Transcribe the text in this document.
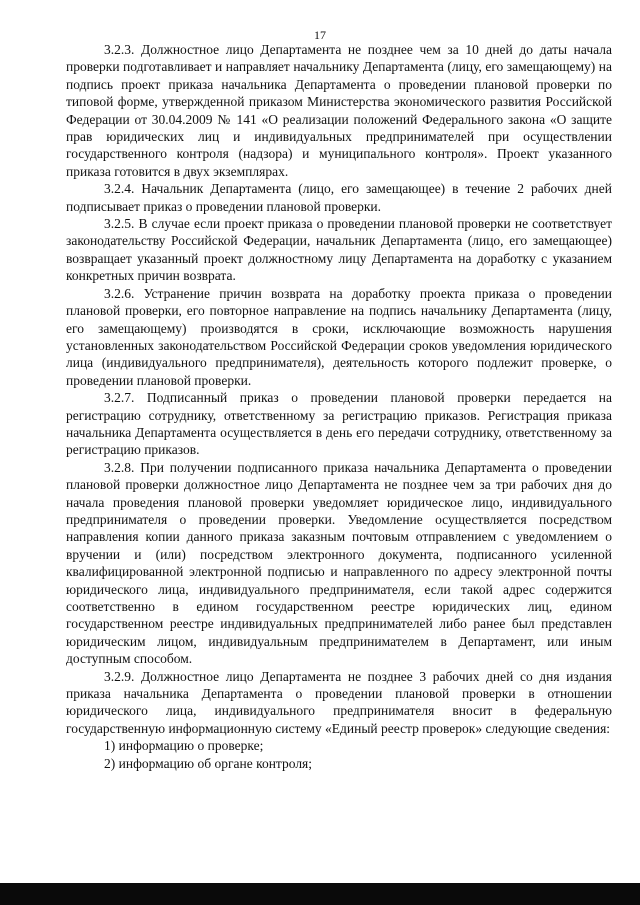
17

3.2.3. Должностное лицо Департамента не позднее чем за 10 дней до даты начала проверки подготавливает и направляет начальнику Департамента (лицу, его замещающему) на подпись проект приказа начальника Департамента о проведении плановой проверки по типовой форме, утвержденной приказом Министерства экономического развития Российской Федерации от 30.04.2009 № 141 «О реализации положений Федерального закона «О защите прав юридических лиц и индивидуальных предпринимателей при осуществлении государственного контроля (надзора) и муниципального контроля». Проект указанного приказа готовится в двух экземплярах.

3.2.4. Начальник Департамента (лицо, его замещающее) в течение 2 рабочих дней подписывает приказ о проведении плановой проверки.

3.2.5. В случае если проект приказа о проведении плановой проверки не соответствует законодательству Российской Федерации, начальник Департамента (лицо, его замещающее) возвращает указанный проект должностному лицу Департамента на доработку с указанием конкретных причин возврата.

3.2.6. Устранение причин возврата на доработку проекта приказа о проведении плановой проверки, его повторное направление на подпись начальнику Департамента (лицу, его замещающему) производятся в сроки, исключающие возможность нарушения установленных законодательством Российской Федерации сроков уведомления юридического лица (индивидуального предпринимателя), деятельность которого подлежит проверке, о проведении плановой проверки.

3.2.7. Подписанный приказ о проведении плановой проверки передается на регистрацию сотруднику, ответственному за регистрацию приказов. Регистрация приказа начальника Департамента осуществляется в день его передачи сотруднику, ответственному за регистрацию приказов.

3.2.8. При получении подписанного приказа начальника Департамента о проведении плановой проверки должностное лицо Департамента не позднее чем за три рабочих дня до начала проведения плановой проверки уведомляет юридическое лицо, индивидуального предпринимателя о проведении проверки. Уведомление осуществляется посредством направления копии данного приказа заказным почтовым отправлением с уведомлением о вручении и (или) посредством электронного документа, подписанного усиленной квалифицированной электронной подписью и направленного по адресу электронной почты юридического лица, индивидуального предпринимателя, если такой адрес содержится соответственно в едином государственном реестре юридических лиц, едином государственном реестре индивидуальных предпринимателей либо ранее был представлен юридическим лицом, индивидуальным предпринимателем в Департамент, или иным доступным способом.

3.2.9. Должностное лицо Департамента не позднее 3 рабочих дней со дня издания приказа начальника Департамента о проведении плановой проверки в отношении юридического лица, индивидуального предпринимателя вносит в федеральную государственную информационную систему «Единый реестр проверок» следующие сведения:

1) информацию о проверке;

2) информацию об органе контроля;
